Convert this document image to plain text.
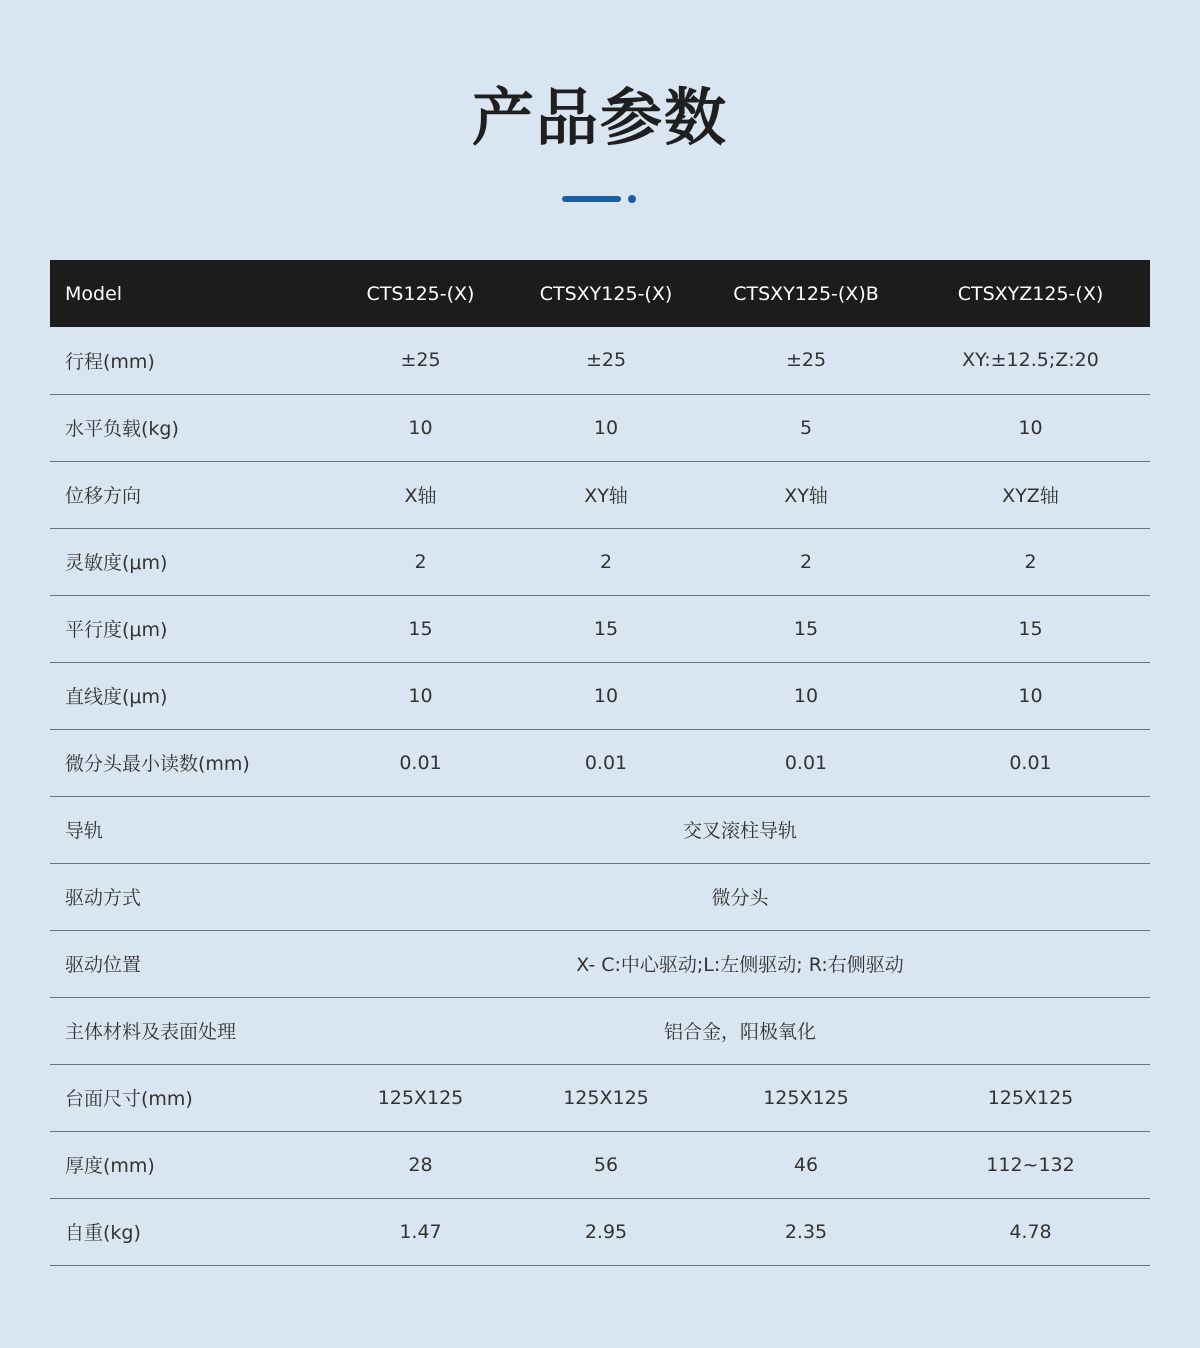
产品参数
Model	CTS125-(X)	CTSXY125-(X)	CTSXY125-(X)B	CTSXYZ125-(X)
行程(mm)	±25	±25	±25	XY:±12.5;Z:20
水平负载(kg)	10	10	5	10
位移方向	X轴	XY轴	XY轴	XYZ轴
灵敏度(μm)	2	2	2	2
平行度(μm)	15	15	15	15
直线度(μm)	10	10	10	10
微分头最小读数(mm)	0.01	0.01	0.01	0.01
导轨	交叉滚柱导轨			
驱动方式	微分头			
驱动位置	X- C:中心驱动;L:左侧驱动; R:右侧驱动			
主体材料及表面处理	铝合金，阳极氧化			
台面尺寸(mm)	125X125	125X125	125X125	125X125
厚度(mm)	28	56	46	112~132
自重(kg)	1.47	2.95	2.35	4.78
